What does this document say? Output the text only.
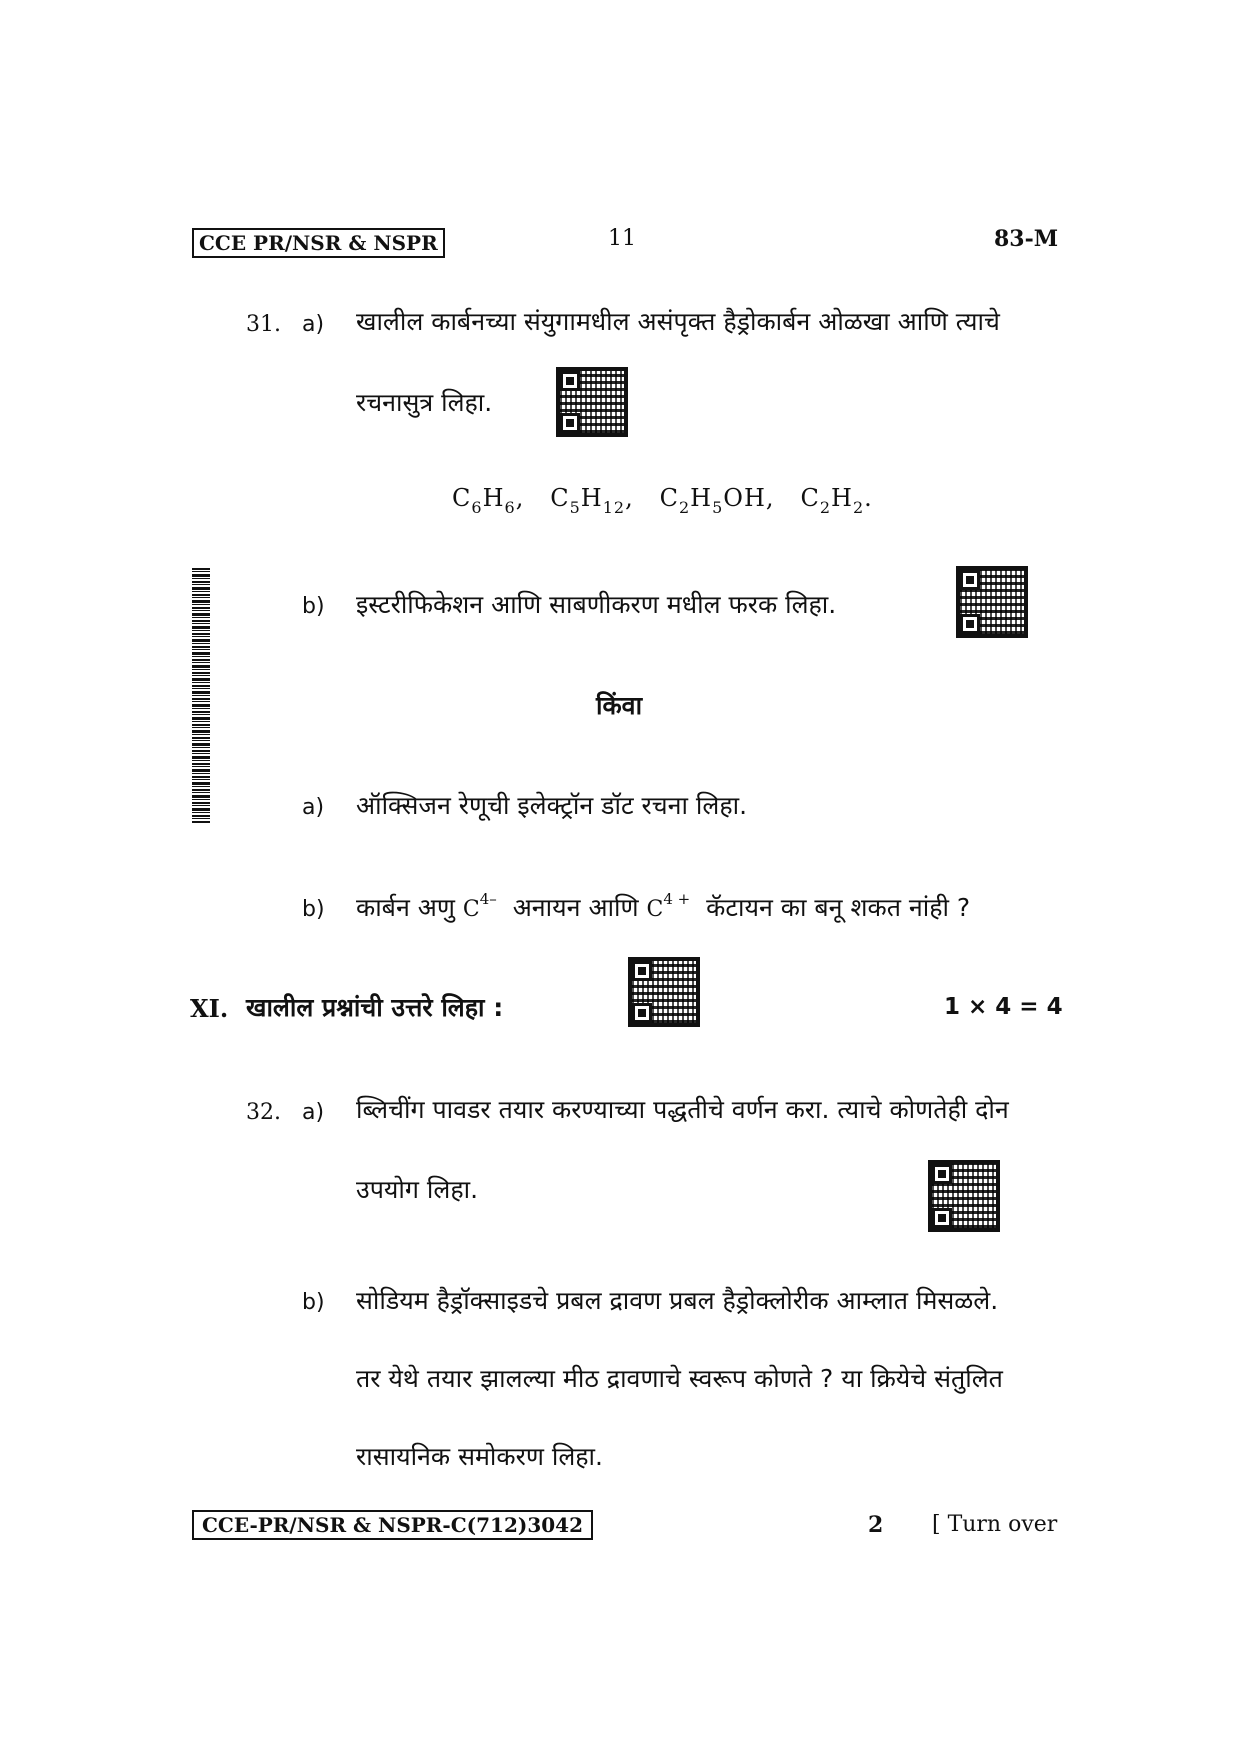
CCE PR/NSR & NSPR	11	83-M
31. a) खालील कार्बनच्या संयुगामधील असंपृक्त हैड्रोकार्बन ओळखा आणि त्याचे
रचनासुत्र लिहा.
$C_6H_6$, $C_5H_{12}$, $C_2H_5OH$, $C_2H_2$.
b) इस्टरीफिकेशन आणि साबणीकरण मधील फरक लिहा.
किंवा
a) ऑक्सिजन रेणूची इलेक्ट्रॉन डॉट रचना लिहा.
b) कार्बन अणु $C^{4-}$ अनायन आणि $C^{4 +}$ कॅटायन का बनू शकत नांही ?
XI. खालील प्रश्नांची उत्तरे लिहा :	1 × 4 = 4
32. a) ब्लिचींग पावडर तयार करण्याच्या पद्धतीचे वर्णन करा. त्याचे कोणतेही दोन
उपयोग लिहा.
b) सोडियम हैड्रॉक्साइडचे प्रबल द्रावण प्रबल हैड्रोक्लोरीक आम्लात मिसळले.
तर येथे तयार झालल्या मीठ द्रावणाचे स्वरूप कोणते ? या क्रियेचे संतुलित
रासायनिक समोकरण लिहा.
CCE-PR/NSR & NSPR-C(712)3042	2 [ Turn over
